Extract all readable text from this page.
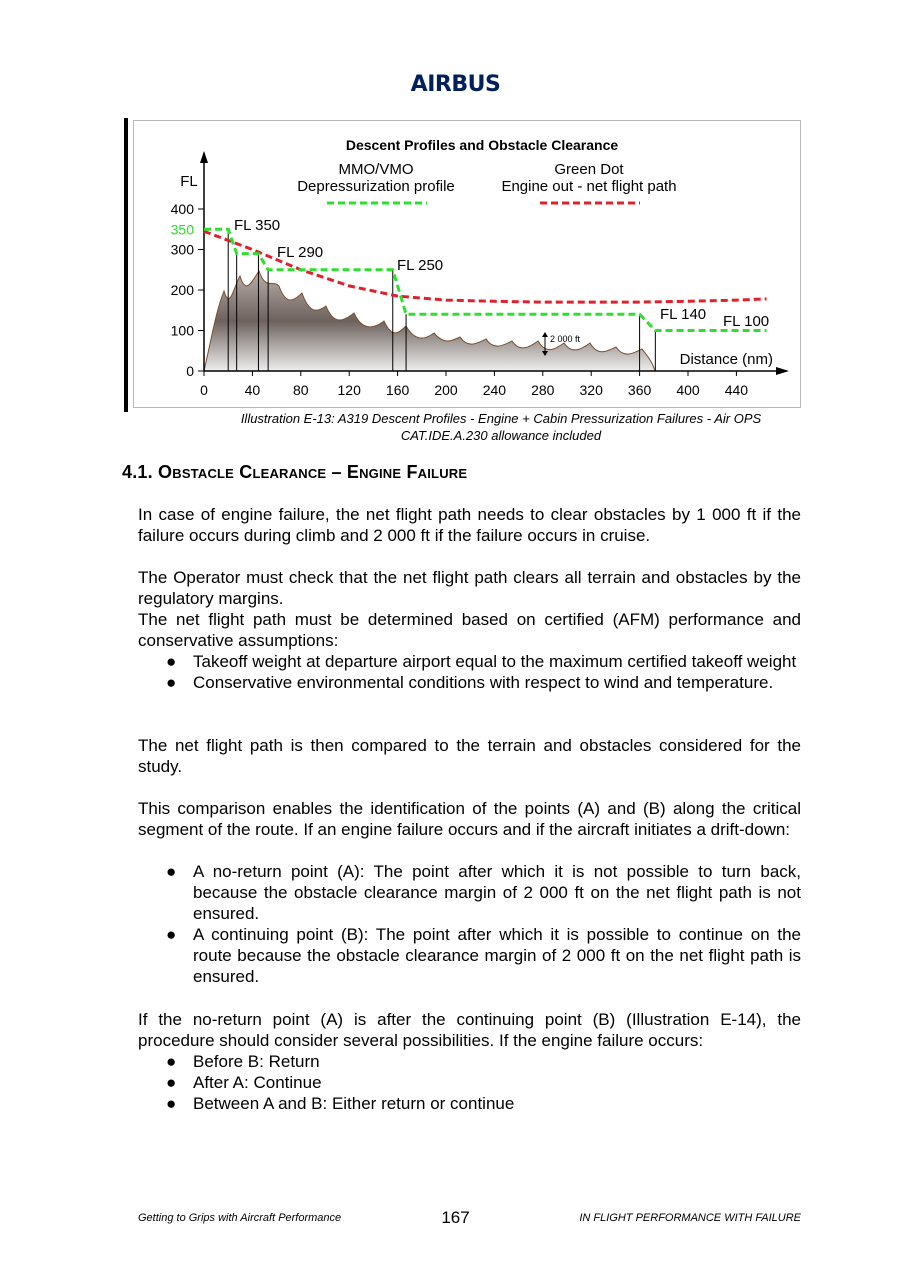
AIRBUS
Descent Profiles and Obstacle Clearance
FL
MMO/VMO
Depressurization profile
Green Dot
Engine out - net flight path
0
100
200
300
400
0	40 80 120 160 200 240 280 320 360 400 440
350
Distance (nm)
FL 350
FL 290
FL 250
FL 140 FL 100
2 000 ft
Illustration E-13: A319 Descent Profiles - Engine + Cabin Pressurization Failures - Air OPS
CAT.IDE.A.230 allowance included
4.1. Obstacle Clearance – Engine Failure

In case of engine failure, the net flight path needs to clear obstacles by 1 000 ft if the failure occurs during climb and 2 000 ft if the failure occurs in cruise.

The Operator must check that the net flight path clears all terrain and obstacles by the regulatory margins.

The net flight path must be determined based on certified (AFM) performance and conservative assumptions:

● Takeoff weight at departure airport equal to the maximum certified takeoff weight
● Conservative environmental conditions with respect to wind and temperature.

The net flight path is then compared to the terrain and obstacles considered for the study.

This comparison enables the identification of the points (A) and (B) along the critical segment of the route. If an engine failure occurs and if the aircraft initiates a drift-down:

● A no-return point (A): The point after which it is not possible to turn back, because the obstacle clearance margin of 2 000 ft on the net flight path is not ensured.
● A continuing point (B): The point after which it is possible to continue on the route because the obstacle clearance margin of 2 000 ft on the net flight path is ensured.

If the no-return point (A) is after the continuing point (B) (Illustration E-14), the procedure should consider several possibilities. If the engine failure occurs:

● Before B: Return
● After A: Continue
● Between A and B: Either return or continue
Getting to Grips with Aircraft Performance	167	IN FLIGHT PERFORMANCE WITH FAILURE
